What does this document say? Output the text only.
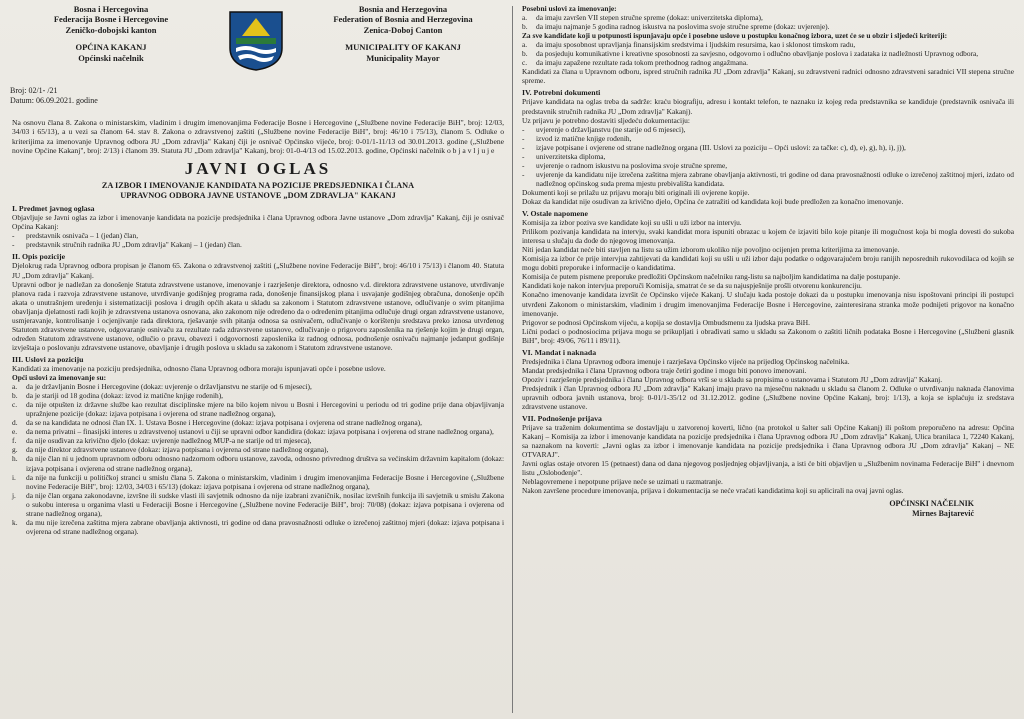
Bosna i Hercegovina
Federacija Bosne i Hercegovine
Zeničko-dobojski kanton
OPĆINA KAKANJ
Općinski načelnik
Bosnia and Herzegovina
Federation of Bosnia and Herzegovina
Zenica-Doboj Canton
MUNICIPALITY OF KAKANJ
Municipality Mayor
Broj: 02/1- /21
Datum: 06.09.2021. godine
Na osnovu člana 8. Zakona o ministarskim, vladinim i drugim imenovanjima Federacije Bosne i Hercegovine („Službene novine Federacije BiH", broj: 12/03, 34/03 i 65/13), a u vezi sa članom 64. stav 8. Zakona o zdravstvenoj zaštiti („Službene novine Federacije BiH", broj: 46/10 i 75/13), članom 5. Odluke o kriterijima za imenovanje Upravnog odbora JU „Dom zdravlja" Kakanj čiji je osnivač Općinsko vijeće, broj: 0-01/1-11/13 od 30.01.2013. godine („Službene novine Općine Kakanj", broj: 2/13) i članom 39. Statuta JU „Dom zdravlja" Kakanj, broj: 01-0-4/13 od 15.02.2013. godine, Općinski načelnik o b j a v l j u j e
JAVNI OGLAS
ZA IZBOR I IMENOVANJE KANDIDATA NA POZICIJE PREDSJEDNIKA I ČLANA
UPRAVNOG ODBORA JAVNE USTANOVE „DOM ZDRAVLJA" KAKANJ
I. Predmet javnog oglasa
Objavljuje se Javni oglas za izbor i imenovanje kandidata na pozicije predsjednika i člana Upravnog odbora Javne ustanove „Dom zdravlja" Kakanj, čiji je osnivač Općina Kakanj:
-	predstavnik osnivača – 1 (jedan) član,
-	predstavnik stručnih radnika JU „Dom zdravlja" Kakanj – 1 (jedan) član.
II. Opis pozicije
Djelokrug rada Upravnog odbora propisan je članom 65. Zakona o zdravstvenoj zaštiti („Službene novine Federacije BiH", broj: 46/10 i 75/13) i članom 40. Statuta JU „Dom zdravlja" Kakanj.
Upravni odbor je nadležan za donošenje Statuta zdravstvene ustanove, imenovanje i razrješenje direktora, odnosno v.d. direktora zdravstvene ustanove, utvrđivanje planova rada i razvoja zdravstvene ustanove, utvrđivanje godišnjeg programa rada, donošenje finansijskog plana i usvajanje godišnjeg obračuna, donošenje općih akata o unutrašnjem uređenju i sistematizaciji poslova i drugih općih akata u skladu sa zakonom i Statutom zdravstvene ustanove, odlučivanje o svim pitanjima obavljanja djelatnosti radi kojih je zdravstvena ustanova osnovana, ako zakonom nije određeno da o određenim pitanjima odlučuje drugi organ zdravstvene ustanove, usmjeravanje, kontrolisanje i ocjenjivanje rada direktora, rješavanje svih pitanja odnosa sa osnivačem, odlučivanje o korištenju sredstava preko iznosa utvrđenog Statutom zdravstvene ustanove, odgovaranje osnivaču za rezultate rada zdravstvene ustanove, odlučivanje o prigovoru zaposlenika na rješenje kojim je drugi organ, određen Statutom zdravstvene ustanove, odlučio o pravu, obavezi i odgovornosti zaposlenika iz radnog odnosa, podnošenje osnivaču najmanje jedanput godišnje izvještaja o poslovanju zdravstvene ustanove, obavljanje i drugih poslova u skladu sa zakonom i Statutom zdravstvene ustanove.
III. Uslovi za poziciju
Kandidati za imenovanje na poziciju predsjednika, odnosno člana Upravnog odbora moraju ispunjavati opće i posebne uslove.
Opći uslovi za imenovanje su:
a.	da je državljanin Bosne i Hercegovine (dokaz: uvjerenje o državljanstvu ne starije od 6 mjeseci),
b.	da je stariji od 18 godina (dokaz: izvod iz matične knjige rođenih),
c.	da nije otpušten iz državne službe kao rezultat disciplinske mjere na bilo kojem nivou u Bosni i Hercegovini u periodu od tri godine prije dana objavljivanja upražnjene pozicije (dokaz: izjava potpisana i ovjerena od strane nadležnog organa),
d.	da se na kandidata ne odnosi član IX. 1. Ustava Bosne i Hercegovine (dokaz: izjava potpisana i ovjerena od strane nadležnog organa),
e.	da nema privatni – finasijski interes u zdravstvenoj ustanovi u čiji se upravni odbor kandidira (dokaz: izjava potpisana i ovjerena od strane nadležnog organa),
f.	da nije osuđivan za krivično djelo (dokaz: uvjerenje nadležnog MUP-a ne starije od tri mjeseca),
g.	da nije direktor zdravstvene ustanove (dokaz: izjava potpisana i ovjerena od strane nadležnog organa),
h.	da nije član ni u jednom upravnom odboru odnosno nadzornom odboru ustanove, zavoda, odnosno privrednog društva sa većinskim državnim kapitalom (dokaz: izjava potpisana i ovjerena od strane nadležnog organa),
i.	da nije na funkciji u političkoj stranci u smislu člana 5. Zakona o ministarskim, vladinim i drugim imenovanjima Federacije Bosne i Hercegovine („Službene novine Federacije BiH", broj: 12/03, 34/03 i 65/13) (dokaz: izjava potpisana i ovjerena od strane nadležnog organa),
j.	da nije član organa zakonodavne, izvršne ili sudske vlasti ili savjetnik odnosno da nije izabrani zvaničnik, nosilac izvršnih funkcija ili savjetnik u smislu Zakona o sukobu interesa u organima vlasti u Federaciji Bosne i Hercegovine („Službene novine Federacije BiH", broj: 70/08) (dokaz: izjava potpisana i ovjerena od strane nadležnog organa),
k.	da mu nije izrečena zaštitna mjera zabrane obavljanja aktivnosti, tri godine od dana pravosnažnosti odluke o izrečenoj zaštitnoj mjeri (dokaz: izjava potpisana i ovjerena od strane nadležnog organa).
Posebni uslovi za imenovanje:
a.	da imaju završen VII stepen stručne spreme (dokaz: univerzitetska diploma),
b.	da imaju najmanje 5 godina radnog iskustva na poslovima svoje stručne spreme (dokaz: uvjerenje).
Za sve kandidate koji u potpunosti ispunjavaju opće i posebne uslove u postupku konačnog izbora, uzet će se u obzir i sljedeći kriteriji:
a.	da imaju sposobnost upravljanja finansijskim sredstvima i ljudskim resursima, kao i sklonost timskom radu,
b.	da posjeduju komunikativne i kreativne sposobnosti za savjesno, odgovorno i odlučno obavljanje poslova i zadataka iz nadležnosti Upravnog odbora,
c.	da imaju zapažene rezultate rada tokom prethodnog radnog angažmana.
Kandidati za člana u Upravnom odboru, ispred stručnih radnika JU „Dom zdravlja" Kakanj, su zdravstveni radnici odnosno zdravstveni saradnici VII stepena stručne spreme.
IV. Potrebni dokumenti
Prijave kandidata na oglas treba da sadrže: kraću biografiju, adresu i kontakt telefon, te naznaku iz kojeg reda predstavnika se kandiduje (predstavnik osnivača ili predstavnik stručnih radnika JU „Dom zdravlja" Kakanj).
Uz prijavu je potrebno dostaviti sljedeću dokumentaciju:
-	uvjerenje o državljanstvu (ne starije od 6 mjeseci),
-	izvod iz matične knjige rođenih,
-	izjave potpisane i ovjerene od strane nadležnog organa (III. Uslovi za poziciju – Opći uslovi: za tačke: c), d), e), g), h), i), j)),
-	univerzitetska diploma,
-	uvjerenje o radnom iskustvu na poslovima svoje stručne spreme,
-	uvjerenje da kandidatu nije izrečena zaštitna mjera zabrane obavljanja aktivnosti, tri godine od dana pravosnažnosti odluke o izrečenoj zaštitnoj mjeri, izdato od nadležnog općinskog suda prema mjestu prebivališta kandidata.
Dokumenti koji se prilažu uz prijavu moraju biti originali ili ovjerene kopije.
Dokaz da kandidat nije osuđivan za krivično djelo, Općina će zatražiti od kandidata koji bude predložen za konačno imenovanje.
V. Ostale napomene
Komisija za izbor poziva sve kandidate koji su ušli u uži izbor na intervju.
Prilikom pozivanja kandidata na intervju, svaki kandidat mora ispuniti obrazac u kojem će izjaviti bilo koje pitanje ili mogućnost koja bi mogla dovesti do sukoba interesa u slučaju da dođe do njegovog imenovanja.
Niti jedan kandidat neće biti stavljen na listu sa užim izborom ukoliko nije povoljno ocijenjen prema kriterijima za imenovanje.
Komisija za izbor će prije intervjua zahtijevati da kandidati koji su ušli u uži izbor daju podatke o odgovarajućem broju ranijih neposrednih rukovodilaca od kojih se mogu dobiti preporuke i informacije o kandidatima.
Komisija će putem pismene preporuke predložiti Općinskom načelniku rang-listu sa najboljim kandidatima na dalje postupanje.
Kandidati koje nakon intervjua preporuči Komisija, smatrat će se da su najuspješnije prošli otvorenu konkurenciju.
Konačno imenovanje kandidata izvršit će Općinsko vijeće Kakanj. U slučaju kada postoje dokazi da u postupku imenovanja nisu ispoštovani principi ili postupci utvrđeni Zakonom o ministarskim, vladinim i drugim imenovanjima Federacije Bosne i Hercegovine, zainteresirana stranka može podnijeti prigovor na konačno imenovanje.
Prigovor se podnosi Općinskom vijeću, a kopija se dostavlja Ombudsmenu za ljudska prava BiH.
Lični podaci o podnosiocima prijava mogu se prikupljati i obrađivati samo u skladu sa Zakonom o zaštiti ličnih podataka Bosne i Hercegovine („Službeni glasnik BiH", broj: 49/06, 76/11 i 89/11).
VI. Mandat i naknada
Predsjednika i člana Upravnog odbora imenuje i razrješava Općinsko vijeće na prijedlog Općinskog načelnika.
Mandat predsjednika i člana Upravnog odbora traje četiri godine i mogu biti ponovo imenovani.
Opoziv i razrješenje predsjednika i člana Upravnog odbora vrši se u skladu sa propisima o ustanovama i Statutom JU „Dom zdravlja" Kakanj.
Predsjednik i član Upravnog odbora JU „Dom zdravlja" Kakanj imaju pravo na mjesečnu naknadu u skladu sa članom 2. Odluke o utvrđivanju naknada članovima upravnih odbora javnih ustanova, broj: 0-01/1-35/12 od 31.12.2012. godine („Službene novine Općine Kakanj, broj: 1/13), a koja se isplaćuju iz sredstava zdravstvene ustanove.
VII. Podnošenje prijava
Prijave sa traženim dokumentima se dostavljaju u zatvorenoj koverti, lično (na protokol u šalter sali Općine Kakanj) ili poštom preporučeno na adresu: Općina Kakanj – Komisija za izbor i imenovanje kandidata na pozicije predsjednika i člana Upravnog odbora JU „Dom zdravlja" Kakanj, Ulica branilaca 1, 72240 Kakanj, sa naznakom na koverti: „Javni oglas za izbor i imenovanje kandidata na pozicije predsjednika i člana Upravnog odbora JU „Dom zdravlja" Kakanj – NE OTVARAJ".
Javni oglas ostaje otvoren 15 (petnaest) dana od dana njegovog posljednjeg objavljivanja, a isti će biti objavljen u „Službenim novinama Federacije BiH" i dnevnom listu „Oslobođenje".
Neblagovremene i nepotpune prijave neće se uzimati u razmatranje.
Nakon završene procedure imenovanja, prijava i dokumentacija se neće vraćati kandidatima koji su aplicirali na ovaj javni oglas.
OPĆINSKI NAČELNIK
Mirnes Bajtarević
